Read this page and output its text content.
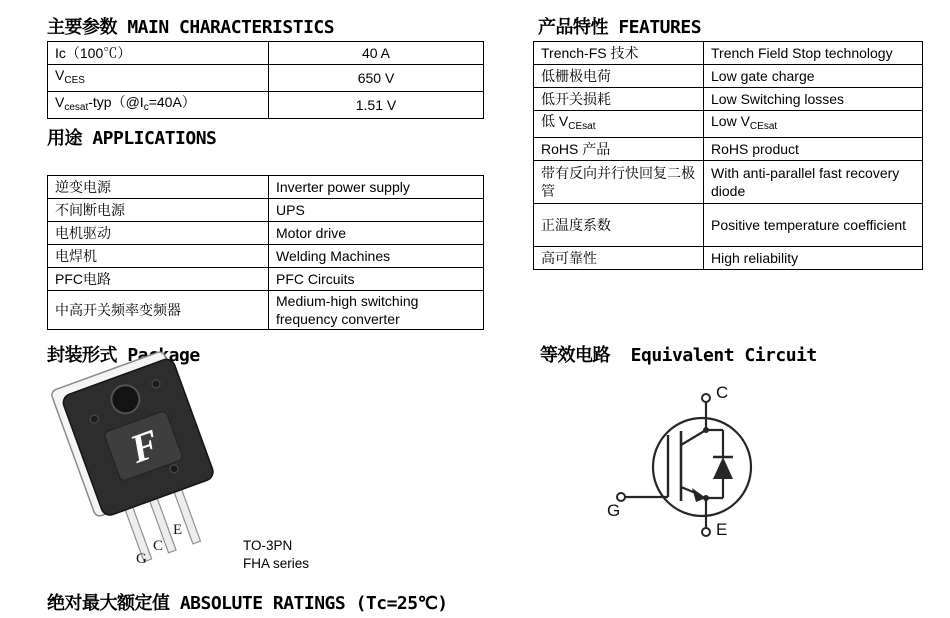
主要参数 MAIN CHARACTERISTICS
Ic（100℃）	40 A
$V_{CES}$	650 V
$V_{cesat}-typ(@I_c=40A)$	1.51 V
用途 APPLICATIONS
逆变电源	Inverter power supply
不间断电源	UPS
电机驱动	Motor drive
电焊机	Welding Machines
PFC电路	PFC Circuits
中高开关频率变频器	Medium-high switching frequency converter
封装形式 Package
F
G
C
E
TO-3PN
FHA series
绝对最大额定值 ABSOLUTE RATINGS (Tc=25℃)
产品特性 FEATURES
Trench-FS 技术	Trench Field Stop technology
低栅极电荷	Low gate charge
低开关损耗	Low Switching losses
低 $V_{CEsat}$	Low $V_{CEsat}$
RoHS 产品	RoHS product
带有反向并行快回复二极管	With anti-parallel fast recovery diode
正温度系数	Positive temperature coefficient
高可靠性	High reliability
等效电路  Equivalent Circuit
C
G
E
